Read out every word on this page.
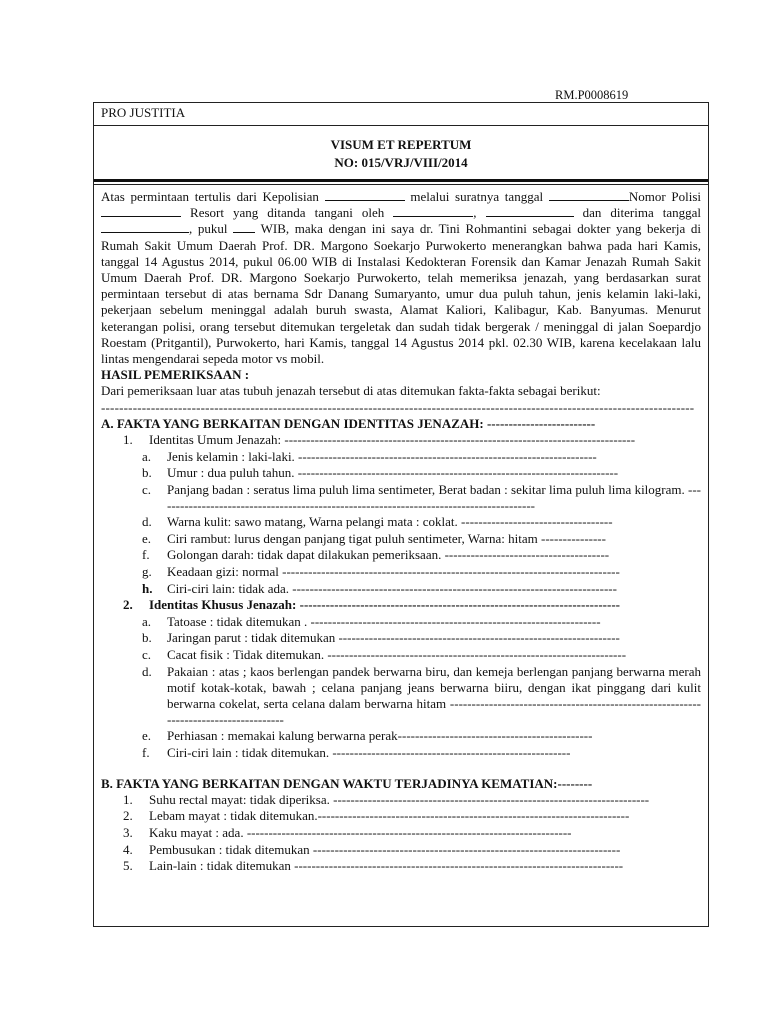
RM.P0008619
PRO JUSTITIA
VISUM ET REPERTUM
NO: 015/VRJ/VIII/2014

Atas permintaan tertulis dari Kepolisian	melalui suratnya tanggal	Nomor Polisi  Resort yang ditanda tangani oleh	,	dan diterima tanggal , pukul	WIB, maka dengan ini saya dr. Tini Rohmantini sebagai dokter yang bekerja di Rumah Sakit Umum Daerah Prof. DR. Margono Soekarjo Purwokerto menerangkan bahwa pada hari Kamis, tanggal 14 Agustus 2014, pukul 06.00 WIB di Instalasi Kedokteran Forensik dan Kamar Jenazah Rumah Sakit Umum Daerah Prof. DR. Margono Soekarjo Purwokerto, telah memeriksa jenazah, yang berdasarkan surat permintaan tersebut di atas bernama Sdr Danang Sumaryanto, umur dua puluh tahun, jenis kelamin laki-laki, pekerjaan sebelum meninggal adalah buruh swasta, Alamat Kaliori, Kalibagur, Kab. Banyumas. Menurut keterangan polisi, orang tersebut ditemukan tergeletak dan sudah tidak bergerak / meninggal di jalan Soepardjo Roestam (Pritgantil), Purwokerto, hari Kamis, tanggal 14 Agustus 2014 pkl. 02.30 WIB, karena kecelakaan lalu lintas mengendarai sepeda motor vs mobil.

HASIL PEMERIKSAAN :
Dari pemeriksaan luar atas tubuh jenazah tersebut di atas ditemukan fakta-fakta sebagai berikut:
-----------------------------------------------------------------------------------------------------------------------------------
A. FAKTA YANG BERKAITAN DENGAN IDENTITAS JENAZAH: -------------------------
1. Identitas Umum Jenazah: ---------------------------------------------------------------------------------
a. Jenis kelamin : laki-laki. ---------------------------------------------------------------------
b. Umur : dua puluh tahun. --------------------------------------------------------------------------
c. Panjang badan : seratus lima puluh lima sentimeter, Berat badan : sekitar lima puluh lima kilogram. ----------------------------------------------------------------------------------------
d. Warna kulit: sawo matang, Warna pelangi mata : coklat. -----------------------------------
e. Ciri rambut: lurus dengan panjang tigat puluh sentimeter, Warna: hitam ---------------
f. Golongan darah: tidak dapat dilakukan pemeriksaan. --------------------------------------
g. Keadaan gizi: normal ------------------------------------------------------------------------------
h. Ciri-ciri lain: tidak ada. ---------------------------------------------------------------------------
2. Identitas Khusus Jenazah: --------------------------------------------------------------------------
a. Tatoase : tidak ditemukan . -------------------------------------------------------------------
b. Jaringan parut : tidak ditemukan -----------------------------------------------------------------
c. Cacat fisik : Tidak ditemukan. ---------------------------------------------------------------------
d. Pakaian : atas ; kaos berlengan pandek berwarna biru, dan kemeja berlengan panjang berwarna merah motif kotak-kotak, bawah ; celana panjang jeans berwarna biiru, dengan ikat pinggang dari kulit berwarna cokelat, serta celana dalam berwarna hitam -------------------------------------------------------------------------------------
e. Perhiasan : memakai kalung berwarna perak---------------------------------------------
f. Ciri-ciri lain : tidak ditemukan. -------------------------------------------------------
B. FAKTA YANG BERKAITAN DENGAN WAKTU TERJADINYA KEMATIAN:--------
1. Suhu rectal mayat: tidak diperiksa. -------------------------------------------------------------------------
2. Lebam mayat : tidak ditemukan.------------------------------------------------------------------------
3. Kaku mayat : ada. ---------------------------------------------------------------------------
4. Pembusukan : tidak ditemukan -----------------------------------------------------------------------
5. Lain-lain : tidak ditemukan ----------------------------------------------------------------------------
